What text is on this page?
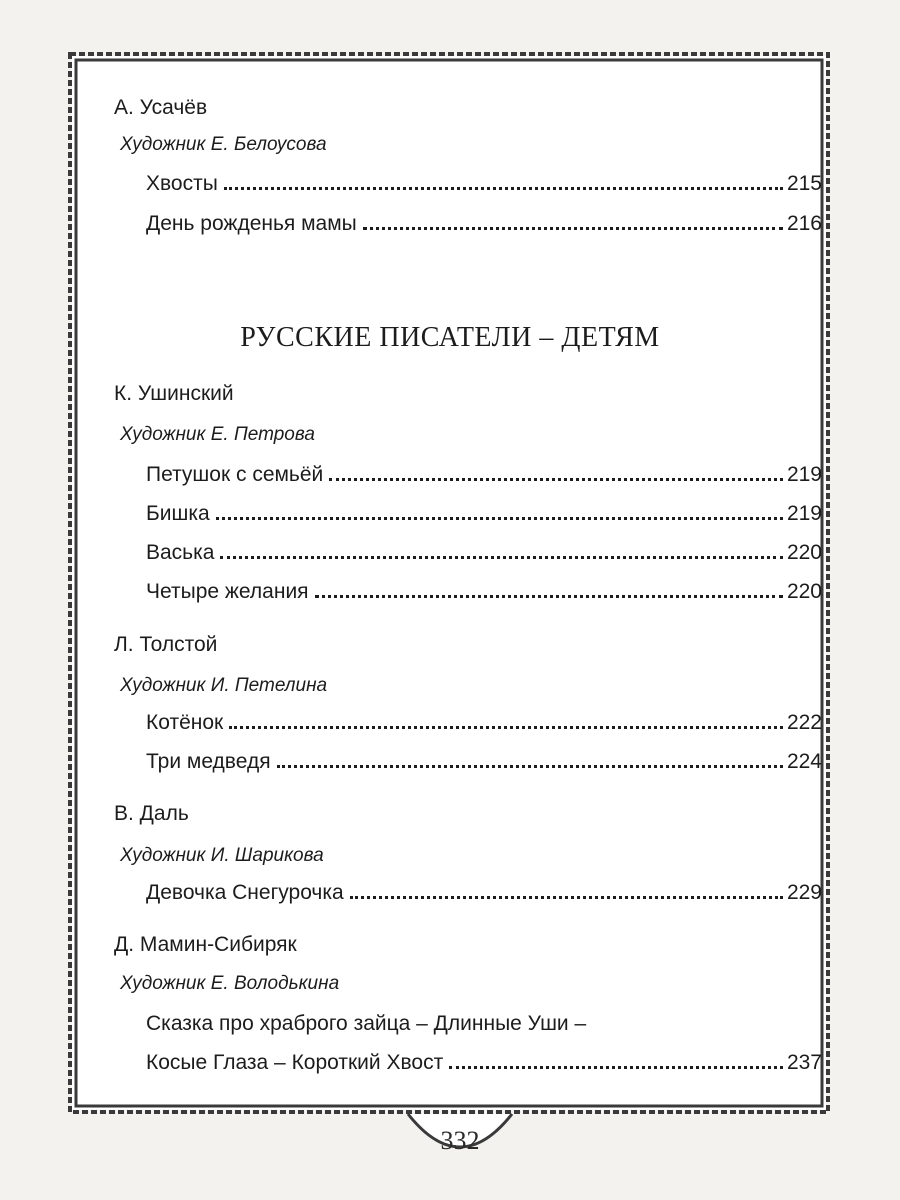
332
А. Усачёв
Художник Е. Белоусова
Хвосты	215
День рожденья мамы	216
РУССКИЕ ПИСАТЕЛИ – ДЕТЯМ
К. Ушинский
Художник Е. Петрова
Петушок с семьёй	219
Бишка	219
Васька	220
Четыре желания	220
Л. Толстой
Художник И. Петелина
Котёнок	222
Три медведя	224
В. Даль
Художник И. Шарикова
Девочка Снегурочка	229
Д. Мамин-Сибиряк
Художник Е. Володькина
Сказка про храброго зайца – Длинные Уши –
Косые Глаза – Короткий Хвост	237
